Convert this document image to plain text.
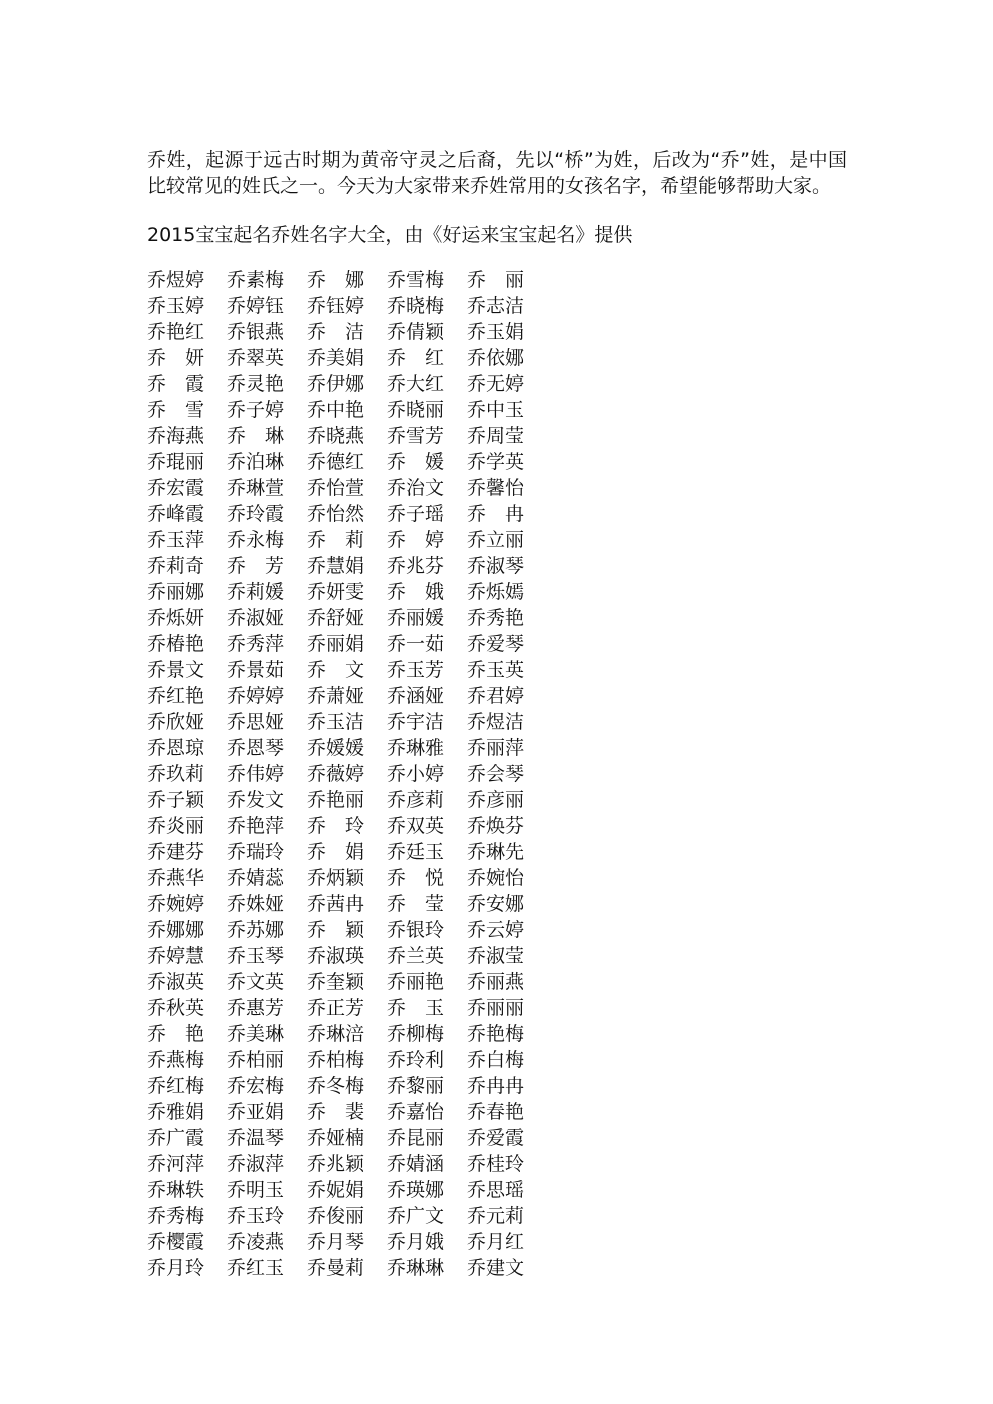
乔姓，起源于远古时期为黄帝守灵之后裔，先以“桥”为姓，后改为“乔”姓，是中国比较常见的姓氏之一。今天为大家带来乔姓常用的女孩名字，希望能够帮助大家。

2015宝宝起名乔姓名字大全，由《好运来宝宝起名》提供

乔煜婷	乔素梅	乔　娜	乔雪梅	乔　丽
乔玉婷	乔婷钰	乔钰婷	乔晓梅	乔志洁
乔艳红	乔银燕	乔　洁	乔倩颖	乔玉娟
乔　妍	乔翠英	乔美娟	乔　红	乔依娜
乔　霞	乔灵艳	乔伊娜	乔大红	乔无婷
乔　雪	乔子婷	乔中艳	乔晓丽	乔中玉
乔海燕	乔　琳	乔晓燕	乔雪芳	乔周莹
乔琨丽	乔泊琳	乔德红	乔　媛	乔学英
乔宏霞	乔琳萱	乔怡萱	乔治文	乔馨怡
乔峰霞	乔玲霞	乔怡然	乔子瑶	乔　冉
乔玉萍	乔永梅	乔　莉	乔　婷	乔立丽
乔莉奇	乔　芳	乔慧娟	乔兆芬	乔淑琴
乔丽娜	乔莉媛	乔妍雯	乔　娥	乔烁嫣
乔烁妍	乔淑娅	乔舒娅	乔丽媛	乔秀艳
乔椿艳	乔秀萍	乔丽娟	乔一茹	乔爱琴
乔景文	乔景茹	乔　文	乔玉芳	乔玉英
乔红艳	乔婷婷	乔萧娅	乔涵娅	乔君婷
乔欣娅	乔思娅	乔玉洁	乔宇洁	乔煜洁
乔恩琼	乔恩琴	乔媛媛	乔琳雅	乔丽萍
乔玖莉	乔伟婷	乔薇婷	乔小婷	乔会琴
乔子颖	乔发文	乔艳丽	乔彦莉	乔彦丽
乔炎丽	乔艳萍	乔　玲	乔双英	乔焕芬
乔建芬	乔瑞玲	乔　娟	乔廷玉	乔琳先
乔燕华	乔婧蕊	乔炳颖	乔　悦	乔婉怡
乔婉婷	乔姝娅	乔茜冉	乔　莹	乔安娜
乔娜娜	乔苏娜	乔　颖	乔银玲	乔云婷
乔婷慧	乔玉琴	乔淑瑛	乔兰英	乔淑莹
乔淑英	乔文英	乔奎颖	乔丽艳	乔丽燕
乔秋英	乔惠芳	乔正芳	乔　玉	乔丽丽
乔　艳	乔美琳	乔琳涪	乔柳梅	乔艳梅
乔燕梅	乔柏丽	乔柏梅	乔玲利	乔白梅
乔红梅	乔宏梅	乔冬梅	乔黎丽	乔冉冉
乔雅娟	乔亚娟	乔　裴	乔嘉怡	乔春艳
乔广霞	乔温琴	乔娅楠	乔昆丽	乔爱霞
乔河萍	乔淑萍	乔兆颖	乔婧涵	乔桂玲
乔琳轶	乔明玉	乔妮娟	乔瑛娜	乔思瑶
乔秀梅	乔玉玲	乔俊丽	乔广文	乔元莉
乔樱霞	乔凌燕	乔月琴	乔月娥	乔月红
乔月玲	乔红玉	乔曼莉	乔琳琳	乔建文
